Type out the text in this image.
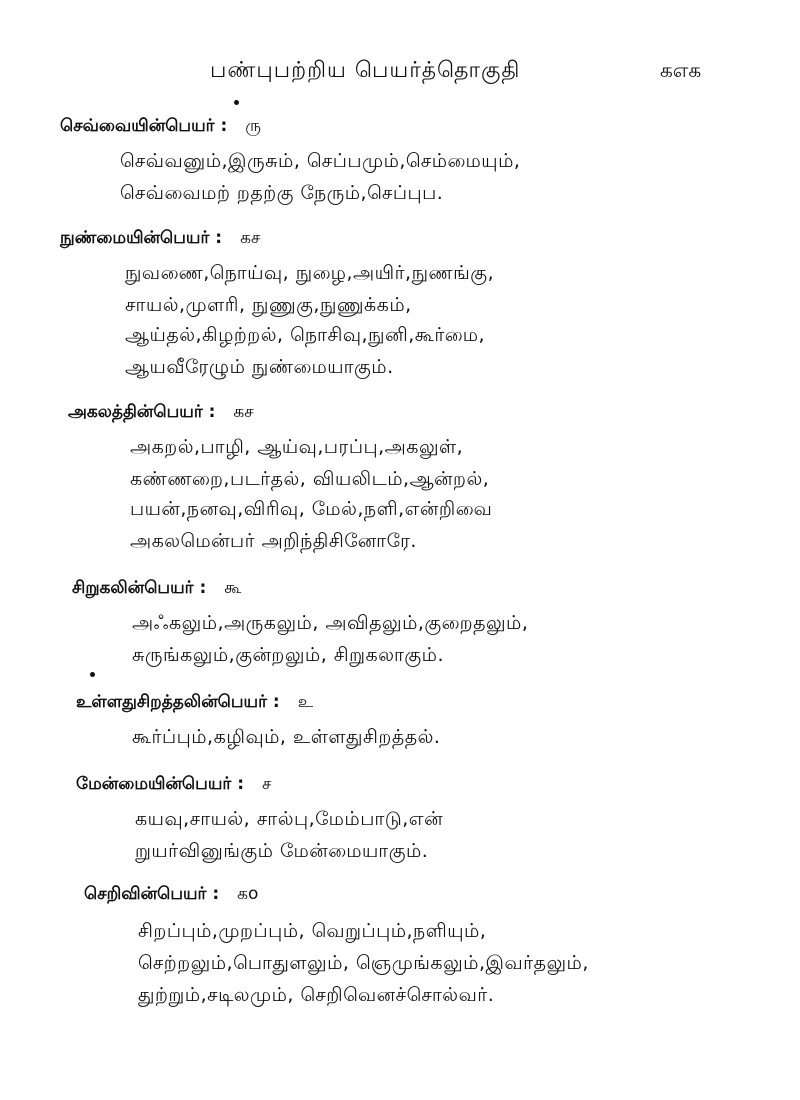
பண்புபற்றிய பெயர்த்தொகுதி	கஎக
செவ்வையின்பெயர் : ரு
செவ்வனும்,இருசும், செப்பமும்,செம்மையும்,
செவ்வைமற் றதற்கு நேரும்,செப்புப.
நுண்மையின்பெயர் : கச
நுவணை,நொய்வு, நுழை,அயிர்,நுணங்கு,
சாயல்,முளரி, நுணுகு,நுணுக்கம்,
ஆய்தல்,கிழற்றல், நொசிவு,நுனி,கூர்மை,
ஆயவீரேழும் நுண்மையாகும்.
அகலத்தின்பெயர் : கச
அகறல்,பாழி, ஆய்வு,பரப்பு,அகலுள்,
கண்ணறை,படர்தல், வியலிடம்,ஆன்றல்,
பயன்,நனவு,விரிவு, மேல்,நளி,என்றிவை
அகலமென்பர் அறிந்திசினோரே.
சிறுகலின்பெயர் : கூ
அஃகலும்,அருகலும், அவிதலும்,குறைதலும்,
சுருங்கலும்,குன்றலும், சிறுகலாகும்.
உள்ளதுசிறத்தலின்பெயர் : உ
கூர்ப்பும்,கழிவும், உள்ளதுசிறத்தல்.
மேன்மையின்பெயர் : ச
கயவு,சாயல், சால்பு,மேம்பாடு,என்
றுயர்வினுங்கும் மேன்மையாகும்.
செறிவின்பெயர் : கo
சிறப்பும்,முறப்பும், வெறுப்பும்,நளியும்,
செற்றலும்,பொதுளலும், ஞெமுங்கலும்,இவர்தலும்,
துற்றும்,சடிலமும், செறிவெனச்சொல்வர்.
